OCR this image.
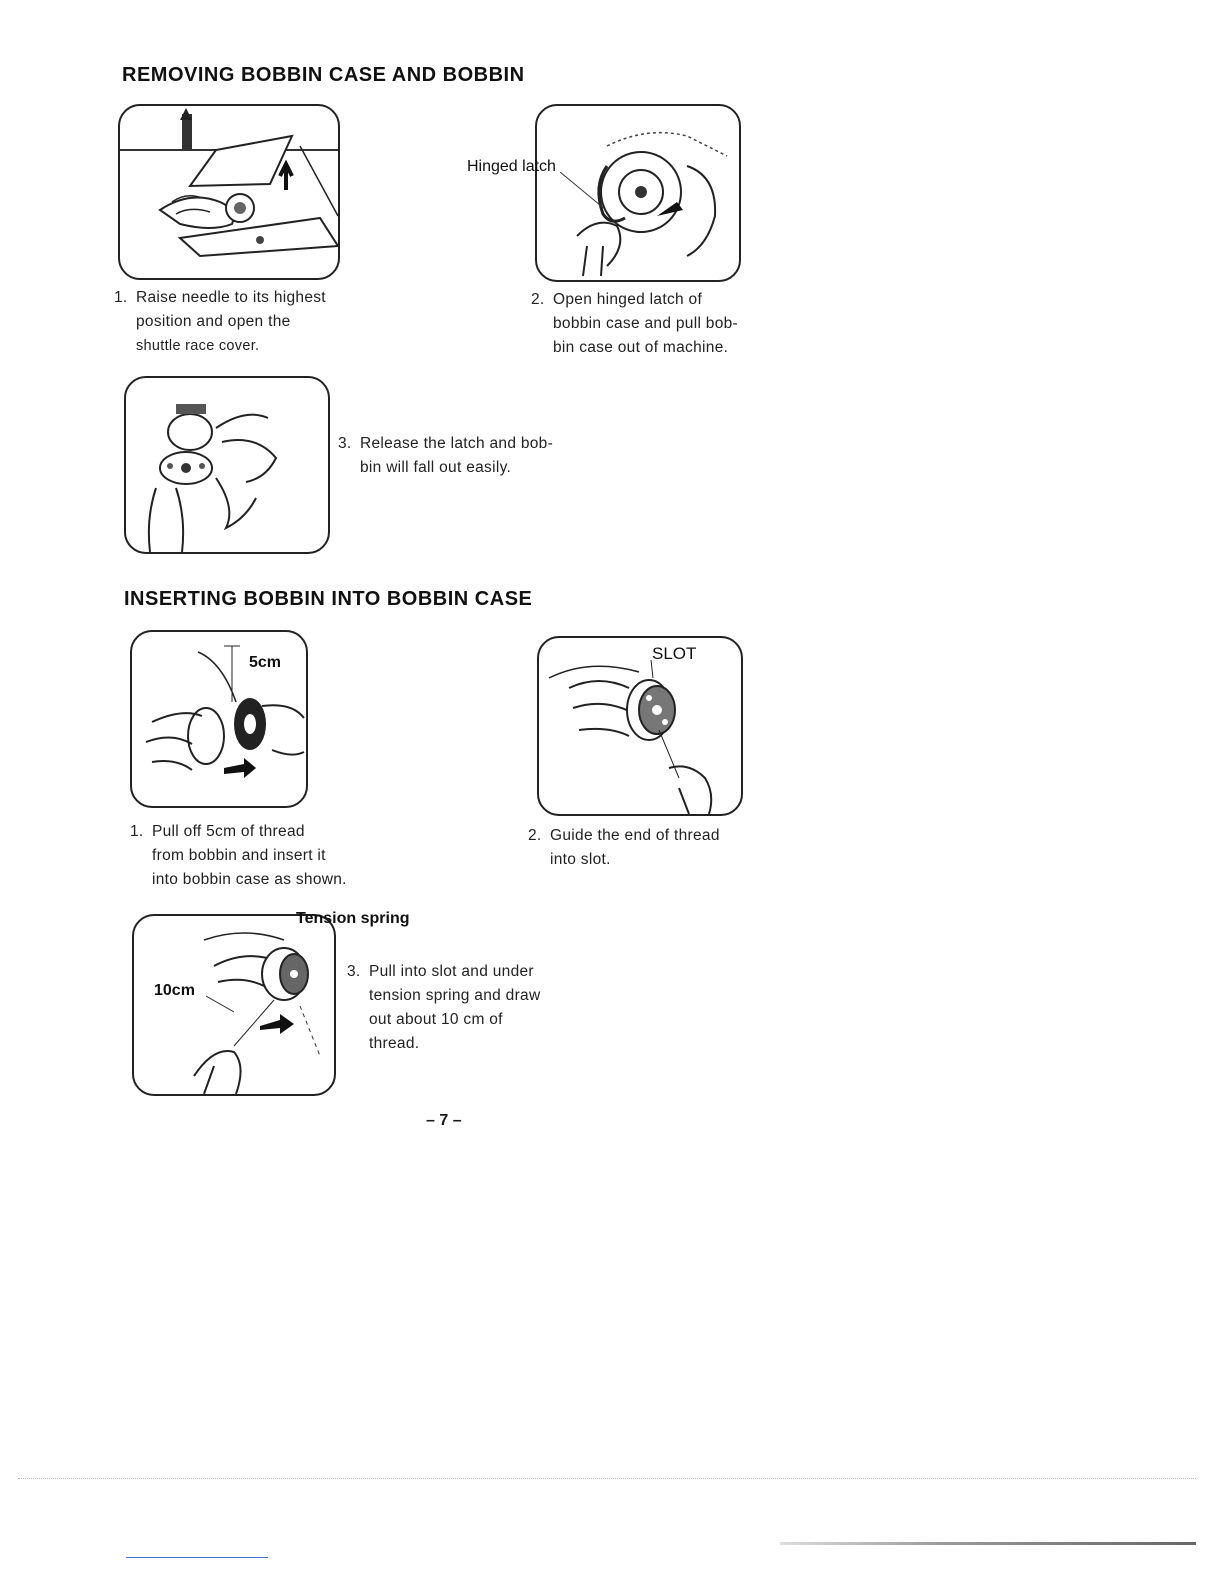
REMOVING BOBBIN CASE AND BOBBIN
Hinged latch
1. Raise needle to its highest
position and open the
shuttle race cover.
2. Open hinged latch of
bobbin case and pull bob-
bin case out of machine.
3. Release the latch and bob-
bin will fall out easily.
INSERTING BOBBIN INTO BOBBIN CASE
5cm	SLOT
1. Pull off 5cm of thread
from bobbin and insert it
into bobbin case as shown.
2. Guide the end of thread
into slot.
Tension spring
10cm
3. Pull into slot and under
tension spring and draw
out about 10 cm of
thread.
– 7 –
